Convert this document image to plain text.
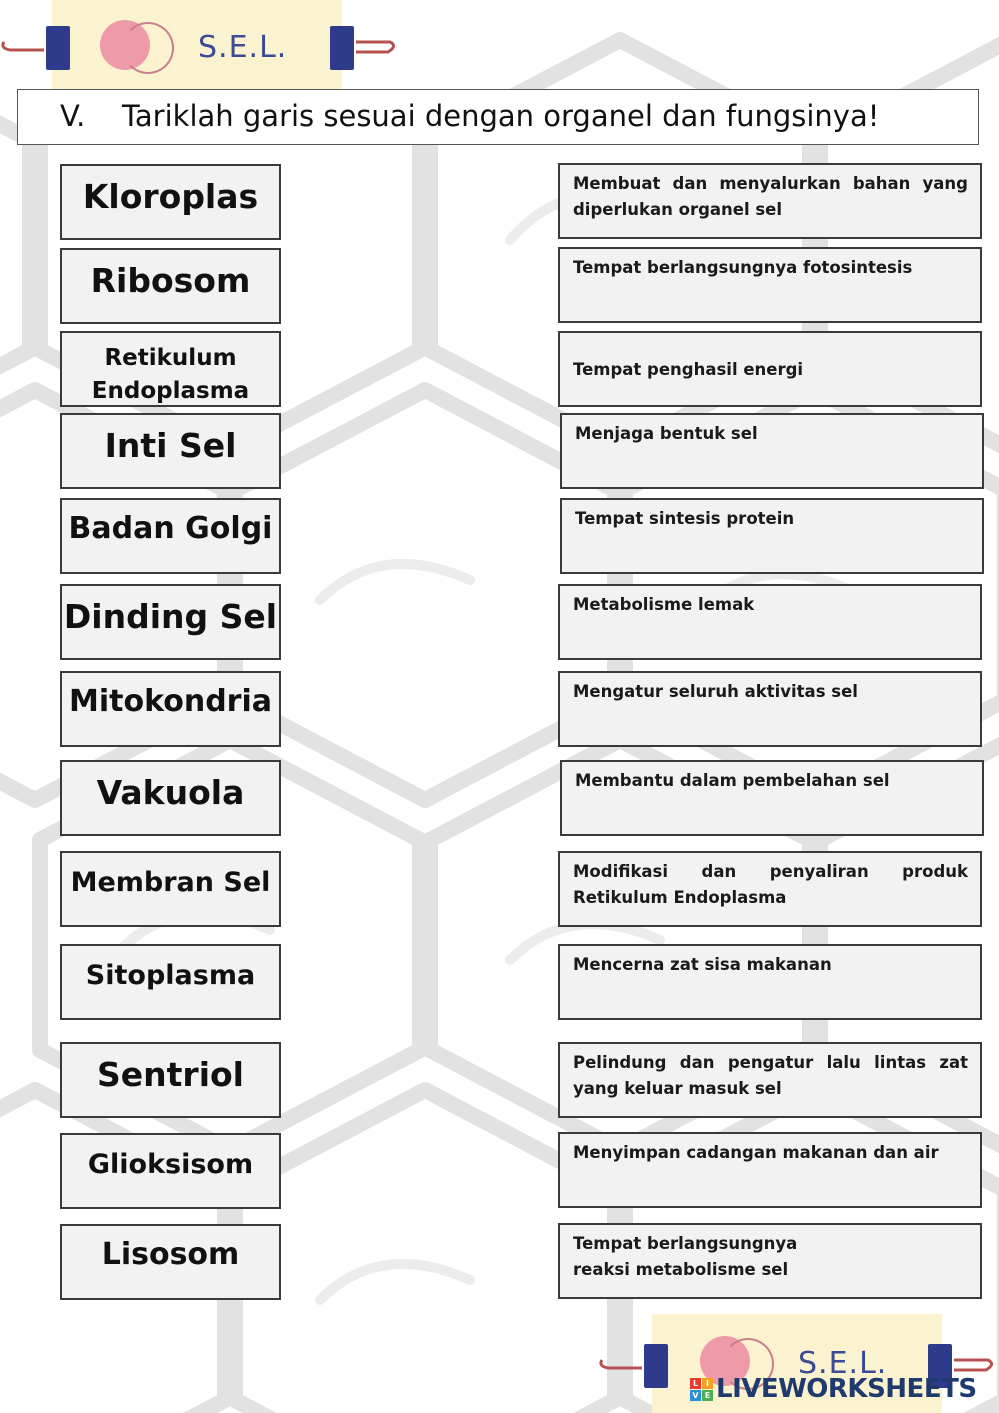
S.E.L.
V. Tariklah garis sesuai dengan organel dan fungsinya!
Kloroplas
Ribosom
Retikulum Endoplasma
Inti Sel
Badan Golgi
Dinding Sel
Mitokondria
Vakuola
Membran Sel
Sitoplasma
Sentriol
Glioksisom
Lisosom
Membuat dan menyalurkan bahan yang diperlukan organel sel
Tempat berlangsungnya fotosintesis
Tempat penghasil energi
Menjaga bentuk sel
Tempat sintesis protein
Metabolisme lemak
Mengatur seluruh aktivitas sel
Membantu dalam pembelahan sel
Modifikasi dan penyaliran produk Retikulum Endoplasma
Mencerna zat sisa makanan
Pelindung dan pengatur lalu lintas zat yang keluar masuk sel
Menyimpan cadangan makanan dan air
Tempat berlangsungnya reaksi metabolisme sel
S.E.L.
L I
V E LIVEWORKSHEETS
